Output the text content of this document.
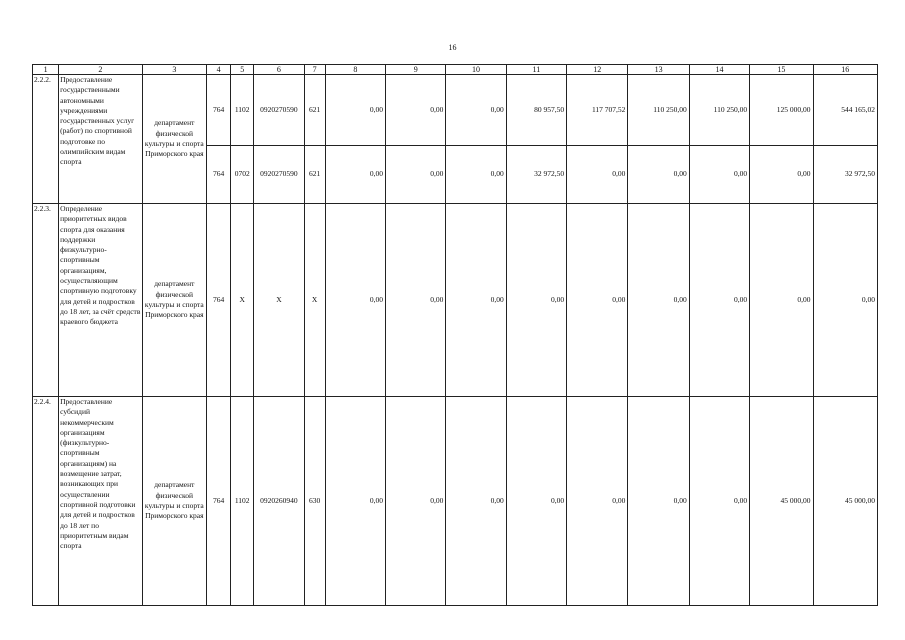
16
1	2	3	4	5	6	7	8	9	10	11	12	13	14	15	16
2.2.2.	Предоставление государственными автономными учреждениями государственных услуг (работ) по спортивной подготовке по олимпийским видам спорта	департамент физической культуры и спорта Приморского края	764	1102	0920270590	621	0,00	0,00	0,00	80 957,50	117 707,52	110 250,00	110 250,00	125 000,00	544 165,02
			764	0702	0920270590	621	0,00	0,00	0,00	32 972,50	0,00	0,00	0,00	0,00	32 972,50
2.2.3.	Определение приоритетных видов спорта для оказания поддержки физкультурно-спортивным организациям, осуществляющим спортивную подготовку для детей и подростков до 18 лет, за счёт средств краевого бюджета	департамент физической культуры и спорта Приморского края	764	X	X	X	0,00	0,00	0,00	0,00	0,00	0,00	0,00	0,00	0,00
2.2.4.	Предоставление субсидий некоммерческим организациям (физкультурно-спортивным организациям) на возмещение затрат, возникающих при осуществлении спортивной подготовки для детей и подростков до 18 лет по приоритетным видам спорта	департамент физической культуры и спорта Приморского края	764	1102	0920260940	630	0,00	0,00	0,00	0,00	0,00	0,00	0,00	45 000,00	45 000,00
